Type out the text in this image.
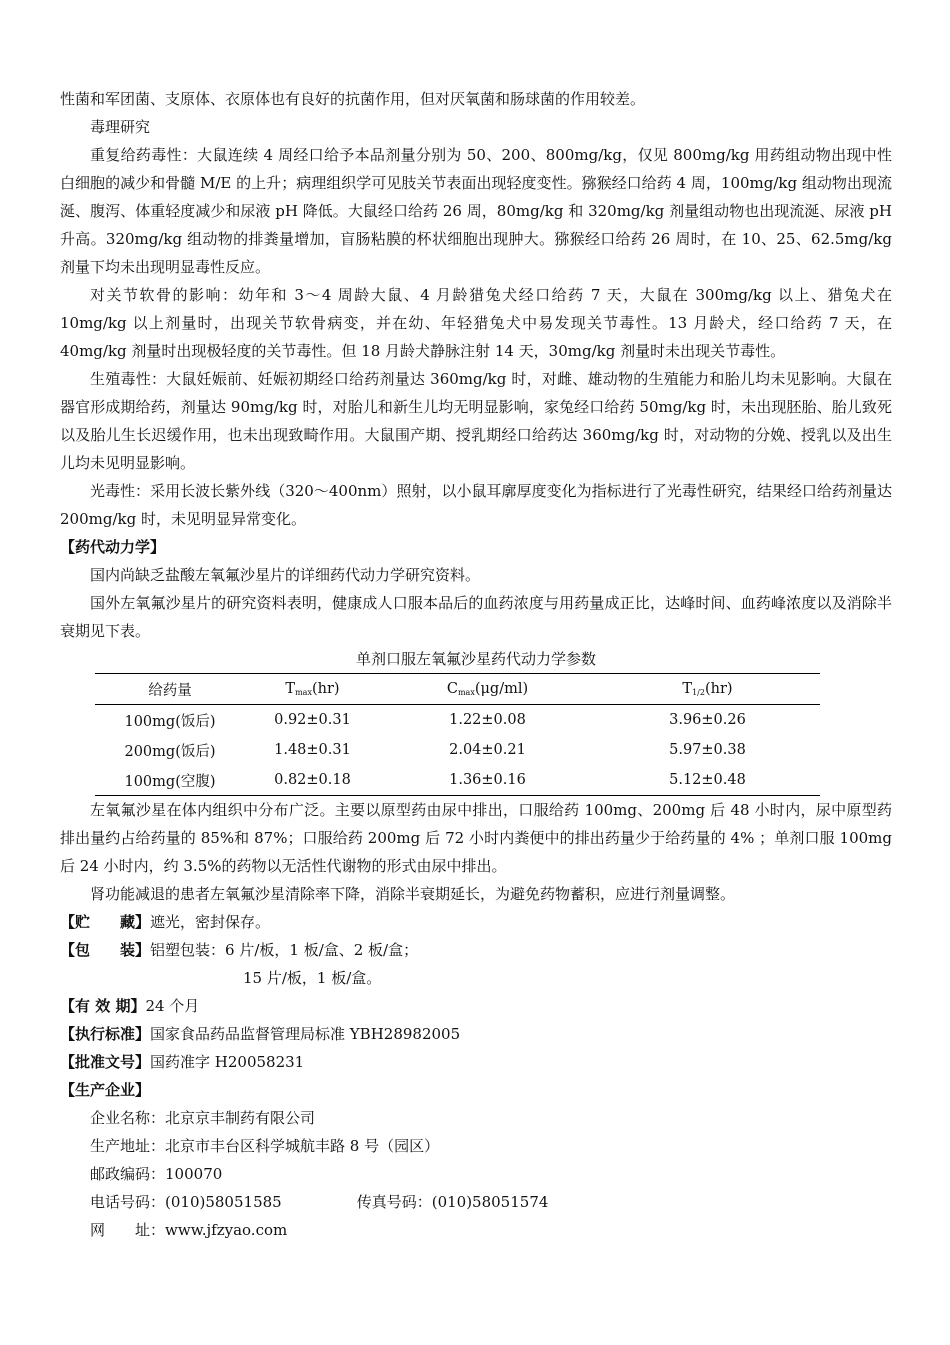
性菌和军团菌、支原体、衣原体也有良好的抗菌作用，但对厌氧菌和肠球菌的作用较差。

毒理研究

重复给药毒性：大鼠连续 4 周经口给予本品剂量分别为 50、200、800mg/kg，仅见 800mg/kg 用药组动物出现中性白细胞的减少和骨髓 M/E 的上升；病理组织学可见肢关节表面出现轻度变性。猕猴经口给药 4 周，100mg/kg 组动物出现流涎、腹泻、体重轻度减少和尿液 pH 降低。大鼠经口给药 26 周，80mg/kg 和 320mg/kg 剂量组动物也出现流涎、尿液 pH 升高。320mg/kg 组动物的排粪量增加，盲肠粘膜的杯状细胞出现肿大。猕猴经口给药 26 周时，在 10、25、62.5mg/kg 剂量下均未出现明显毒性反应。

对关节软骨的影响：幼年和 3～4 周龄大鼠、4 月龄猎兔犬经口给药 7 天，大鼠在 300mg/kg 以上、猎兔犬在 10mg/kg 以上剂量时，出现关节软骨病变，并在幼、年轻猎兔犬中易发现关节毒性。13 月龄犬，经口给药 7 天，在 40mg/kg 剂量时出现极轻度的关节毒性。但 18 月龄犬静脉注射 14 天，30mg/kg 剂量时未出现关节毒性。

生殖毒性：大鼠妊娠前、妊娠初期经口给药剂量达 360mg/kg 时，对雌、雄动物的生殖能力和胎儿均未见影响。大鼠在器官形成期给药，剂量达 90mg/kg 时，对胎儿和新生儿均无明显影响，家兔经口给药 50mg/kg 时，未出现胚胎、胎儿致死以及胎儿生长迟缓作用，也未出现致畸作用。大鼠围产期、授乳期经口给药达 360mg/kg 时，对动物的分娩、授乳以及出生儿均未见明显影响。

光毒性：采用长波长紫外线（320～400nm）照射，以小鼠耳廓厚度变化为指标进行了光毒性研究，结果经口给药剂量达 200mg/kg 时，未见明显异常变化。

【药代动力学】

国内尚缺乏盐酸左氧氟沙星片的详细药代动力学研究资料。

国外左氧氟沙星片的研究资料表明，健康成人口服本品后的血药浓度与用药量成正比，达峰时间、血药峰浓度以及消除半衰期见下表。

单剂口服左氧氟沙星药代动力学参数
给药量	$T_{max}(hr)$	$C_{max}(\mu g/ml)$	$T_{1/2}(hr)$
100mg(饭后)	0.92±0.31	1.22±0.08	3.96±0.26
200mg(饭后)	1.48±0.31	2.04±0.21	5.97±0.38
100mg(空腹)	0.82±0.18	1.36±0.16	5.12±0.48

左氧氟沙星在体内组织中分布广泛。主要以原型药由尿中排出，口服给药 100mg、200mg 后 48 小时内，尿中原型药排出量约占给药量的 85%和 87%；口服给药 200mg 后 72 小时内粪便中的排出药量少于给药量的 4% ；单剂口服 100mg 后 24 小时内，约 3.5%的药物以无活性代谢物的形式由尿中排出。

肾功能减退的患者左氧氟沙星清除率下降，消除半衰期延长，为避免药物蓄积，应进行剂量调整。

【贮　　藏】遮光，密封保存。
【包　　装】铝塑包装：6 片/板，1 板/盒、2 板/盒；
15 片/板，1 板/盒。
【有 效 期】24 个月
【执行标准】国家食品药品监督管理局标准 YBH28982005
【批准文号】国药准字 H20058231
【生产企业】

企业名称：北京京丰制药有限公司

生产地址：北京市丰台区科学城航丰路 8 号（园区）

邮政编码：100070

电话号码：(010)58051585	传真号码：(010)58051574

网　　址：www.jfzyao.com
